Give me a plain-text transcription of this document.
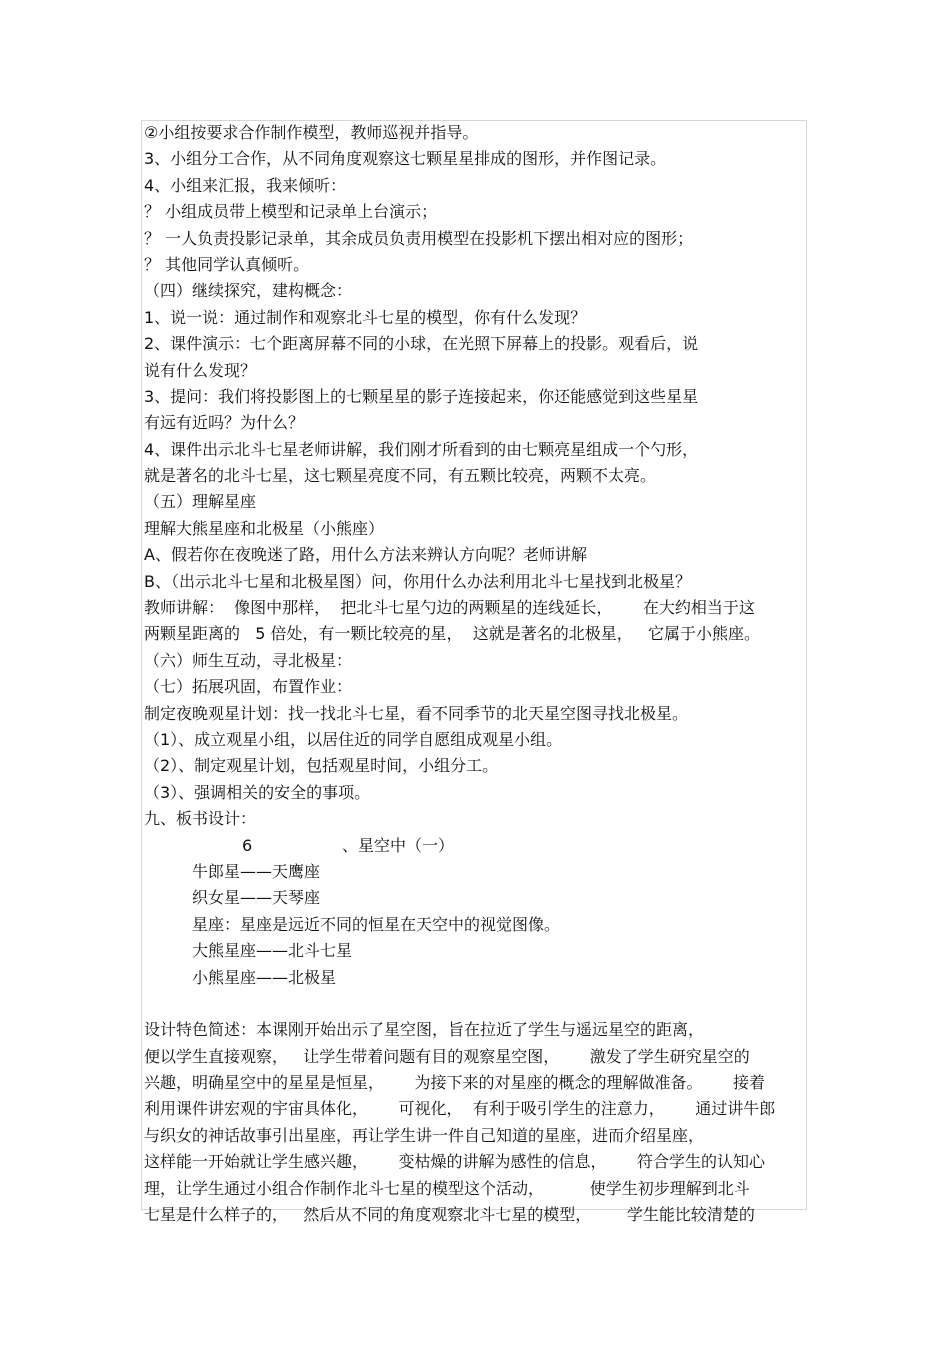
②小组按要求合作制作模型，教师巡视并指导。
3、小组分工合作，从不同角度观察这七颗星星排成的图形，并作图记录。
4、小组来汇报，我来倾听：
？ 小组成员带上模型和记录单上台演示；
？ 一人负责投影记录单，其余成员负责用模型在投影机下摆出相对应的图形；
？ 其他同学认真倾听。
（四）继续探究，建构概念：
1、说一说：通过制作和观察北斗七星的模型，你有什么发现？
2、课件演示：七个距离屏幕不同的小球，在光照下屏幕上的投影。观看后，说
说有什么发现？
3、提问：我们将投影图上的七颗星星的影子连接起来，你还能感觉到这些星星
有远有近吗？为什么？
4、课件出示北斗七星老师讲解，我们刚才所看到的由七颗亮星组成一个勺形，
就是著名的北斗七星，这七颗星亮度不同，有五颗比较亮，两颗不太亮。
（五）理解星座
理解大熊星座和北极星（小熊座）
A、假若你在夜晚迷了路，用什么方法来辨认方向呢？老师讲解
B、（出示北斗七星和北极星图）问，你用什么办法利用北斗七星找到北极星？
教师讲解：  像图中那样，  把北斗七星勺边的两颗星的连线延长，      在大约相当于这
两颗星距离的   5 倍处，有一颗比较亮的星，  这就是著名的北极星，   它属于小熊座。
（六）师生互动，寻北极星：
（七）拓展巩固，布置作业：
制定夜晚观星计划：找一找北斗七星，看不同季节的北天星空图寻找北极星。
（1）、成立观星小组，以居住近的同学自愿组成观星小组。
（2）、制定观星计划，包括观星时间，小组分工。
（3）、强调相关的安全的事项。
九、板书设计：
6	、星空中（一）
牛郎星——天鹰座
织女星——天琴座
星座：星座是远近不同的恒星在天空中的视觉图像。
大熊星座——北斗七星
小熊星座——北极星
设计特色简述：本课刚开始出示了星空图，旨在拉近了学生与遥远星空的距离，
便以学生直接观察，   让学生带着问题有目的观察星空图，      激发了学生研究星空的
兴趣，明确星空中的星星是恒星，      为接下来的对星座的概念的理解做准备。      接着
利用课件讲宏观的宇宙具体化，      可视化，  有利于吸引学生的注意力，      通过讲牛郎
与织女的神话故事引出星座，再让学生讲一件自己知道的星座，进而介绍星座，
这样能一开始就让学生感兴趣，      变枯燥的讲解为感性的信息，      符合学生的认知心
理，让学生通过小组合作制作北斗七星的模型这个活动，         使学生初步理解到北斗
七星是什么样子的，   然后从不同的角度观察北斗七星的模型，       学生能比较清楚的
